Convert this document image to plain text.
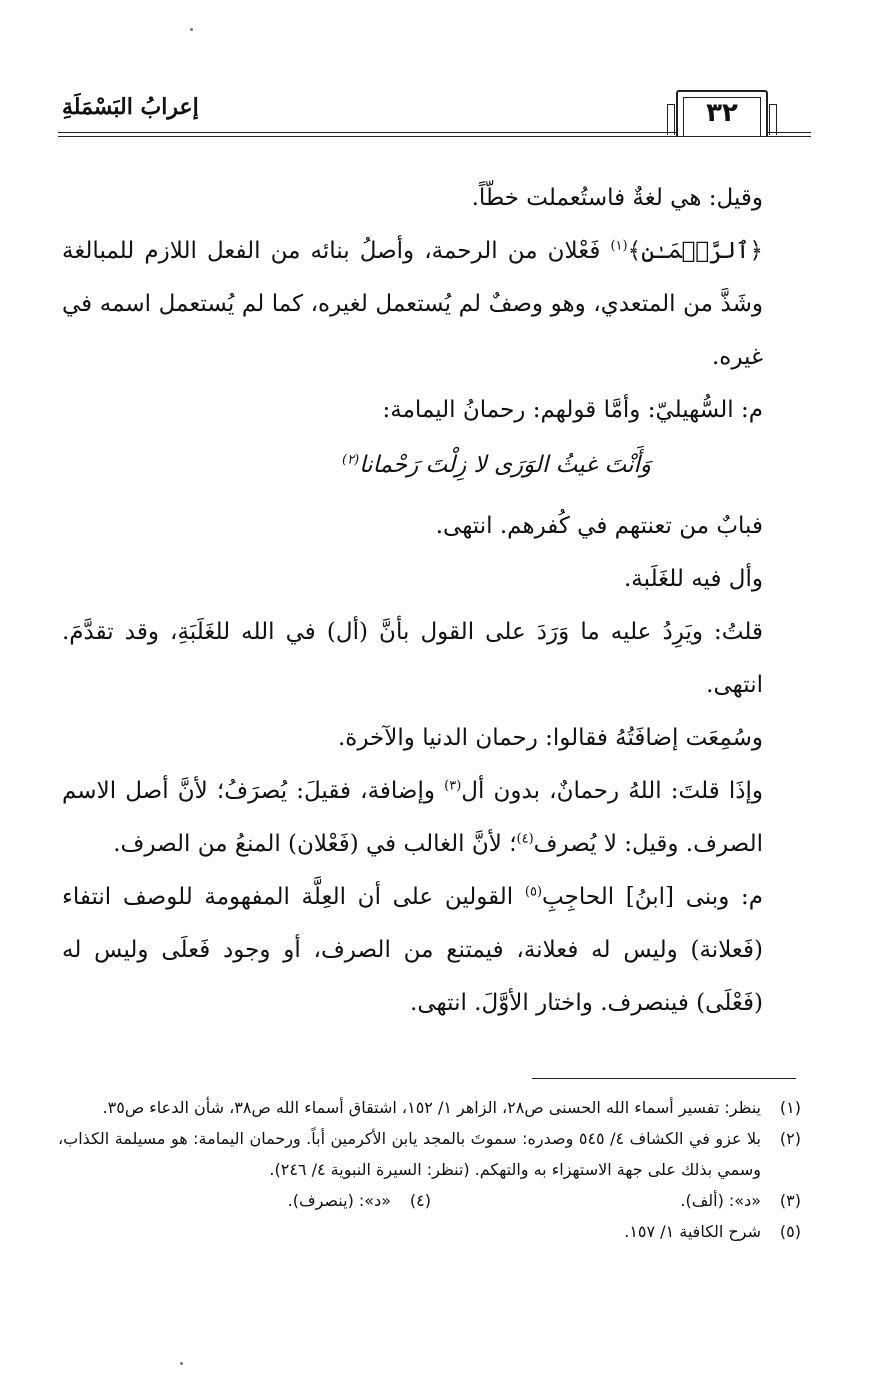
إعرابُ البَسْمَلَةِ	٣٢

وقيل: هي لغةٌ فاستُعملت خطّاً.

﴿ٱلرَّحۡمَـٰنِ﴾$^{(١)}$ فَعْلان من الرحمة، وأصلُ بنائه من الفعل اللازم للمبالغة وشَذَّ من المتعدي، وهو وصفٌ لم يُستعمل لغيره، كما لم يُستعمل اسمه في غيره.

م: السُّهيليّ: وأمَّا قولهم: رحمانُ اليمامة:

وَأَنْتَ غيثُ الوَرَى لا زِلْتَ رَحْمانا$^{(٢)}$

فبابٌ من تعنتهم في كُفرهم. انتهى.

وأل فيه للغَلَبة.

قلتُ: ويَرِدُ عليه ما وَرَدَ على القول بأنَّ (أل) في الله للغَلَبَةِ، وقد تقدَّمَ. انتهى.

وسُمِعَت إضافَتُهُ فقالوا: رحمان الدنيا والآخرة.

وإذَا قلتَ: اللهُ رحمانٌ، بدون أل$^{(٣)}$ وإضافة، فقيلَ: يُصرَفُ؛ لأنَّ أصل الاسم الصرف. وقيل: لا يُصرف$^{(٤)}$؛ لأنَّ الغالب في (فَعْلان) المنعُ من الصرف.

م: وبنى [ابنُ] الحاجِبِ$^{(٥)}$ القولين على أن العِلَّة المفهومة للوصف انتفاء (فَعلانة) وليس له فعلانة، فيمتنع من الصرف، أو وجود فَعلَى وليس له (فَعْلَى) فينصرف. واختار الأوَّلَ. انتهى.

(١)
ينظر: تفسير أسماء الله الحسنى ص٢٨، الزاهر ١/ ١٥٢، اشتقاق أسماء الله ص٣٨، شأن الدعاء ص٣٥.
(٢)
بلا عزو في الكشاف ٤/ ٥٤٥ وصدره: سموتَ بالمجد يابن الأكرمين أباً. ورحمان اليمامة: هو مسيلمة الكذاب، وسمي بذلك على جهة الاستهزاء به والتهكم. (تنظر: السيرة النبوية ٤/ ٢٤٦).
(٣)
«د»: (ألف).
(٤)
«د»: (ينصرف).
(٥)
شرح الكافية ١/ ١٥٧.
